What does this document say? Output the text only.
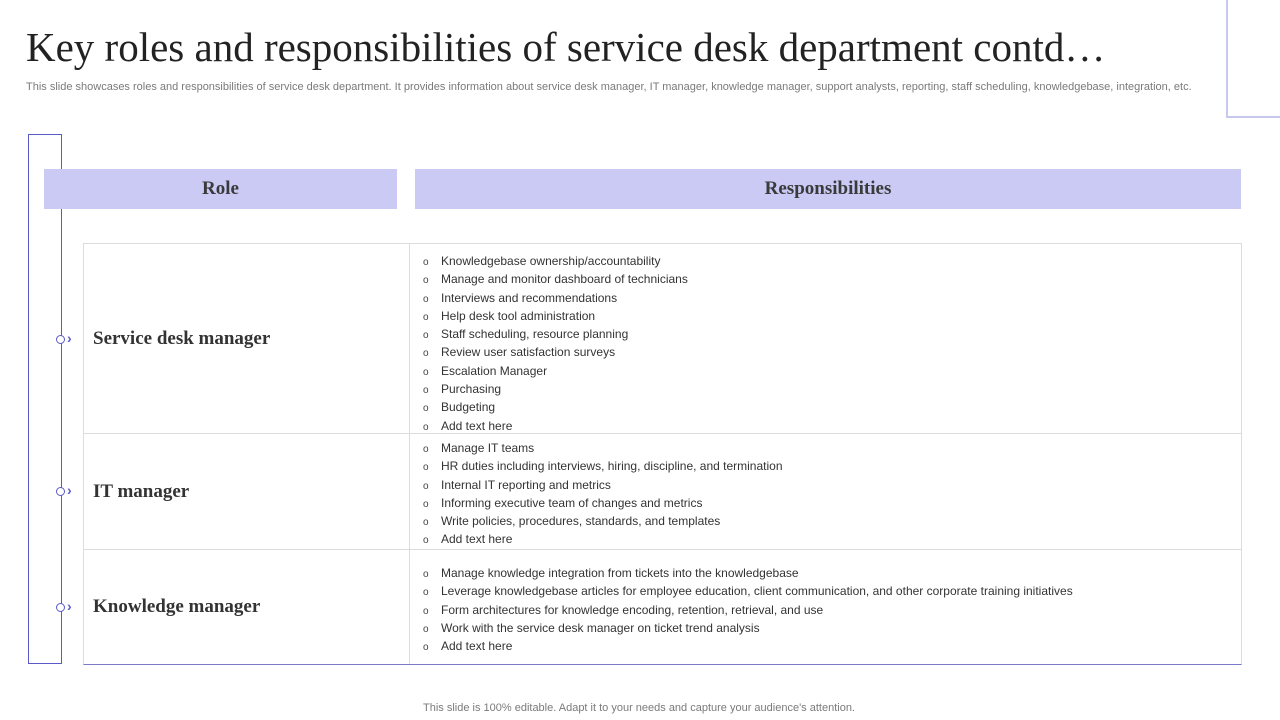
Key roles and responsibilities of service desk department contd…
This slide showcases roles and responsibilities of service desk department. It provides information about service desk manager, IT manager, knowledge manager, support analysts, reporting, staff scheduling, knowledgebase, integration, etc.
Role	Responsibilities
Service desk manager
o Knowledgebase ownership/accountability
o Manage and monitor dashboard of technicians
o Interviews and recommendations
o Help desk tool administration
o Staff scheduling, resource planning
o Review user satisfaction surveys
o Escalation Manager
o Purchasing
o Budgeting
o Add text here
IT manager
o Manage IT teams
o HR duties including interviews, hiring, discipline, and termination
o Internal IT reporting and metrics
o Informing executive team of changes and metrics
o Write policies, procedures, standards, and templates
o Add text here
Knowledge manager
o Manage knowledge integration from tickets into the knowledgebase
o Leverage knowledgebase articles for employee education, client communication, and other corporate training initiatives
o Form architectures for knowledge encoding, retention, retrieval, and use
o Work with the service desk manager on ticket trend analysis
o Add text here
›
›
›
This slide is 100% editable. Adapt it to your needs and capture your audience's attention.
